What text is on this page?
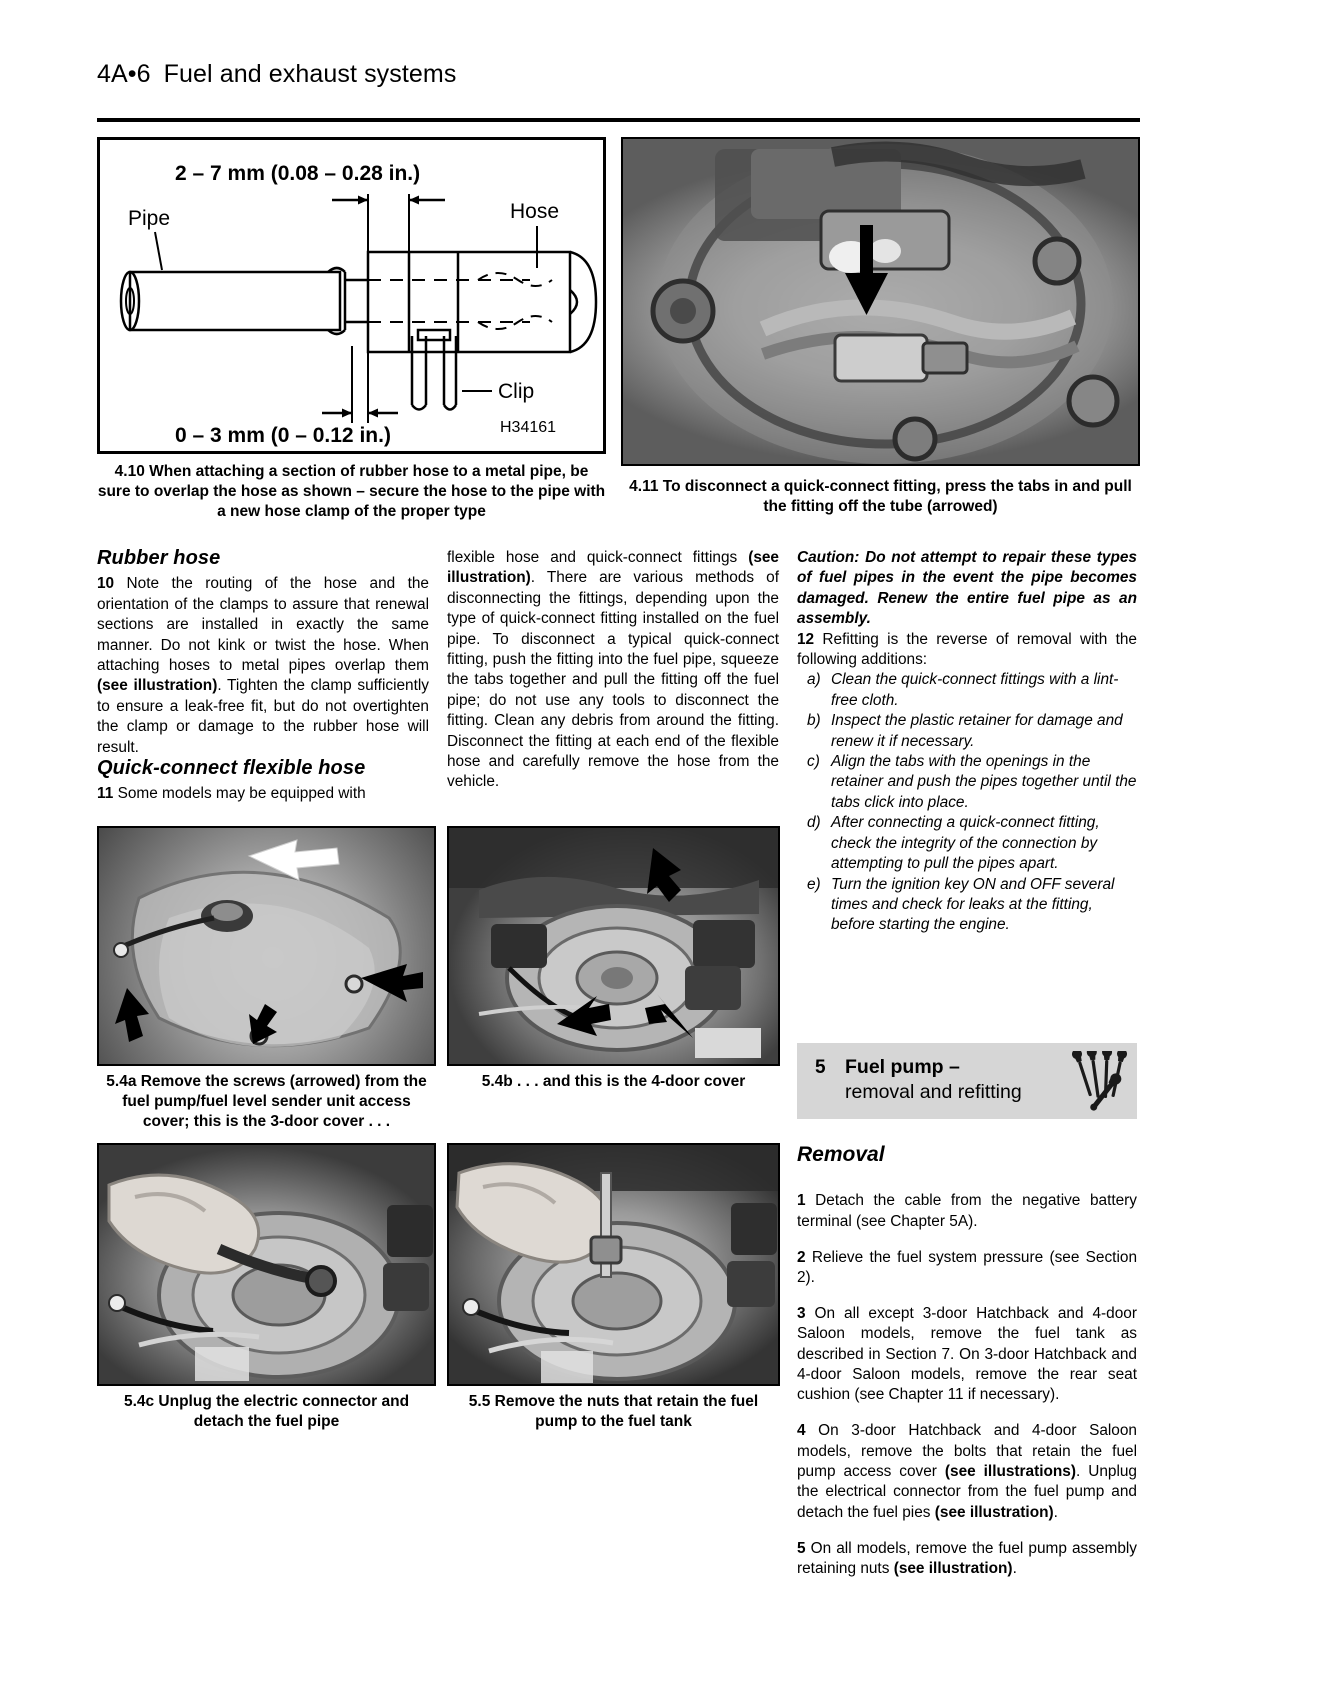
4A•6 Fuel and exhaust systems
2 – 7 mm (0.08 – 0.28 in.)
Pipe	Hose
Clip
0 – 3 mm (0 – 0.12 in.)	H34161
4.10 When attaching a section of rubber hose to a metal pipe, be sure to overlap the hose as shown – secure the hose to the pipe with a new hose clamp of the proper type
4.11 To disconnect a quick-connect fitting, press the tabs in and pull the fitting off the tube (arrowed)
Rubber hose

10 Note the routing of the hose and the orientation of the clamps to assure that renewal sections are installed in exactly the same manner. Do not kink or twist the hose. When attaching hoses to metal pipes overlap them (see illustration). Tighten the clamp sufficiently to ensure a leak-free fit, but do not overtighten the clamp or damage to the rubber hose will result.

Quick-connect flexible hose

11 Some models may be equipped with

flexible hose and quick-connect fittings (see illustration). There are various methods of disconnecting the fittings, depending upon the type of quick-connect fitting installed on the fuel pipe. To disconnect a typical quick-connect fitting, push the fitting into the fuel pipe, squeeze the tabs together and pull the fitting off the fuel pipe; do not use any tools to disconnect the fitting. Clean any debris from around the fitting. Disconnect the fitting at each end of the flexible hose and carefully remove the hose from the vehicle.

Caution: Do not attempt to repair these types of fuel pipes in the event the pipe becomes damaged. Renew the entire fuel pipe as an assembly.

12 Refitting is the reverse of removal with the following additions:

a) Clean the quick-connect fittings with a lint-free cloth.
b) Inspect the plastic retainer for damage and renew it if necessary.
c) Align the tabs with the openings in the retainer and push the pipes together until the tabs click into place.
d) After connecting a quick-connect fitting, check the integrity of the connection by attempting to pull the pipes apart.
e) Turn the ignition key ON and OFF several times and check for leaks at the fitting, before starting the engine.
5 Fuel pump –
removal and refitting
Removal

1 Detach the cable from the negative battery terminal (see Chapter 5A).

2 Relieve the fuel system pressure (see Section 2).

3 On all except 3-door Hatchback and 4-door Saloon models, remove the fuel tank as described in Section 7. On 3-door Hatchback and 4-door Saloon models, remove the rear seat cushion (see Chapter 11 if necessary).

4 On 3-door Hatchback and 4-door Saloon models, remove the bolts that retain the fuel pump access cover (see illustrations). Unplug the electrical connector from the fuel pump and detach the fuel pies (see illustration).

5 On all models, remove the fuel pump assembly retaining nuts (see illustration).

5.4a Remove the screws (arrowed) from the fuel pump/fuel level sender unit access cover; this is the 3-door cover . . .
5.4b . . . and this is the 4-door cover
5.4c Unplug the electric connector and detach the fuel pipe
5.5 Remove the nuts that retain the fuel pump to the fuel tank
